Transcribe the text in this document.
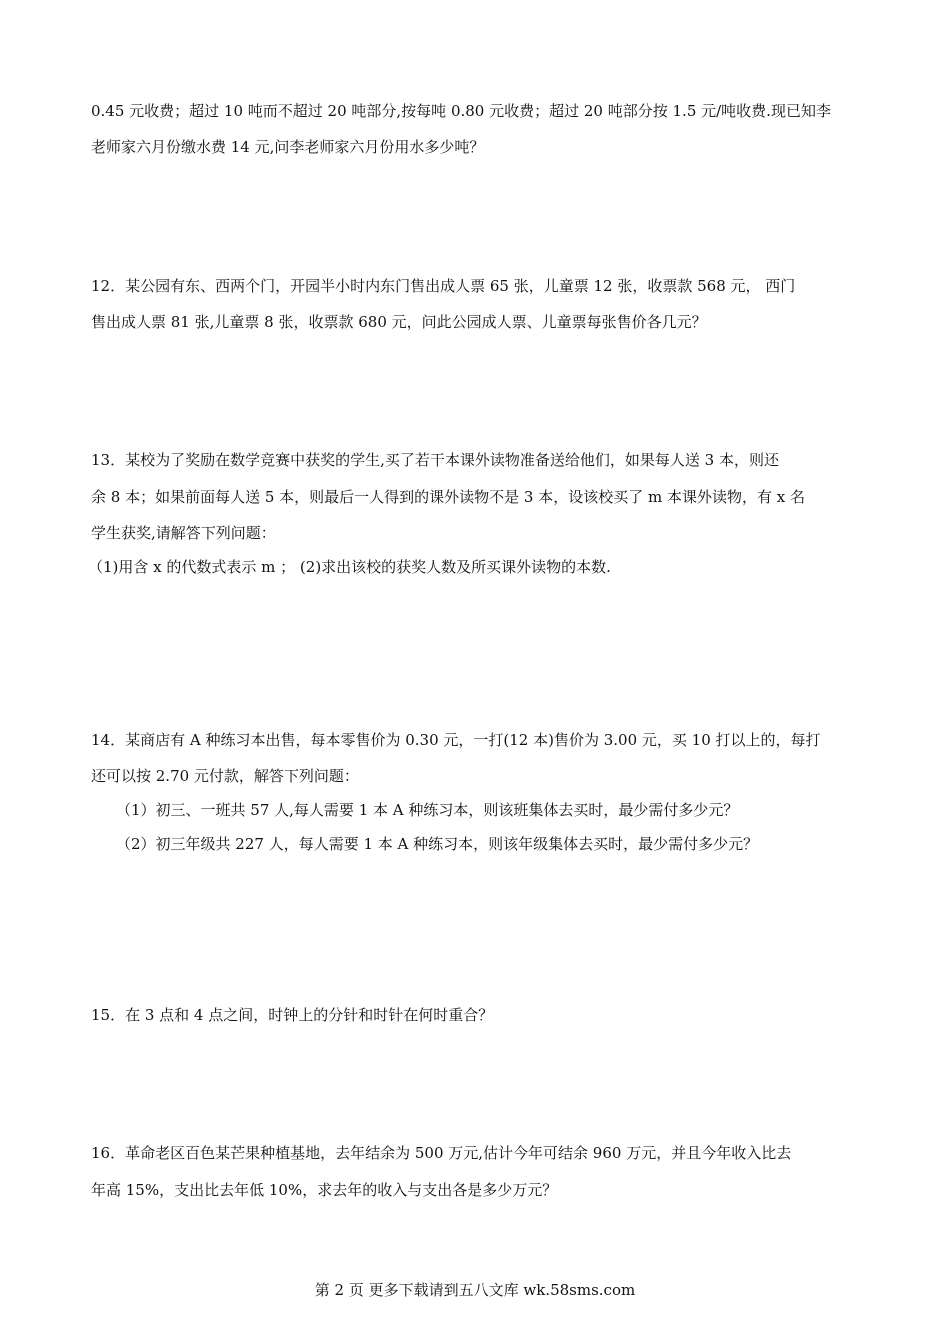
0.45 元收费；超过 10 吨而不超过 20 吨部分,按每吨 0.80 元收费；超过 20 吨部分按 1.5 元/吨收费.现已知李
老师家六月份缴水费 14 元,问李老师家六月份用水多少吨？
12．某公园有东、西两个门，开园半小时内东门售出成人票 65 张，儿童票 12 张，收票款 568 元， 西门
售出成人票 81 张,儿童票 8 张，收票款 680 元，问此公园成人票、儿童票每张售价各几元？
13．某校为了奖励在数学竞赛中获奖的学生,买了若干本课外读物准备送给他们，如果每人送 3 本，则还
余 8 本；如果前面每人送 5 本，则最后一人得到的课外读物不是 3 本，设该校买了 m 本课外读物，有 x 名
学生获奖,请解答下列问题：
（1)用含 x 的代数式表示 m ； (2)求出该校的获奖人数及所买课外读物的本数.
14．某商店有 A 种练习本出售，每本零售价为 0.30 元，一打(12 本)售价为 3.00 元，买 10 打以上的，每打
还可以按 2.70 元付款，解答下列问题：
（1）初三、一班共 57 人,每人需要 1 本 A 种练习本，则该班集体去买时，最少需付多少元？
（2）初三年级共 227 人，每人需要 1 本 A 种练习本，则该年级集体去买时，最少需付多少元？
15．在 3 点和 4 点之间，时钟上的分针和时针在何时重合？
16．革命老区百色某芒果种植基地，去年结余为 500 万元,估计今年可结余 960 万元，并且今年收入比去
年高 15%，支出比去年低 10%，求去年的收入与支出各是多少万元？
第 2 页 更多下载请到五八文库 wk.58sms.com
